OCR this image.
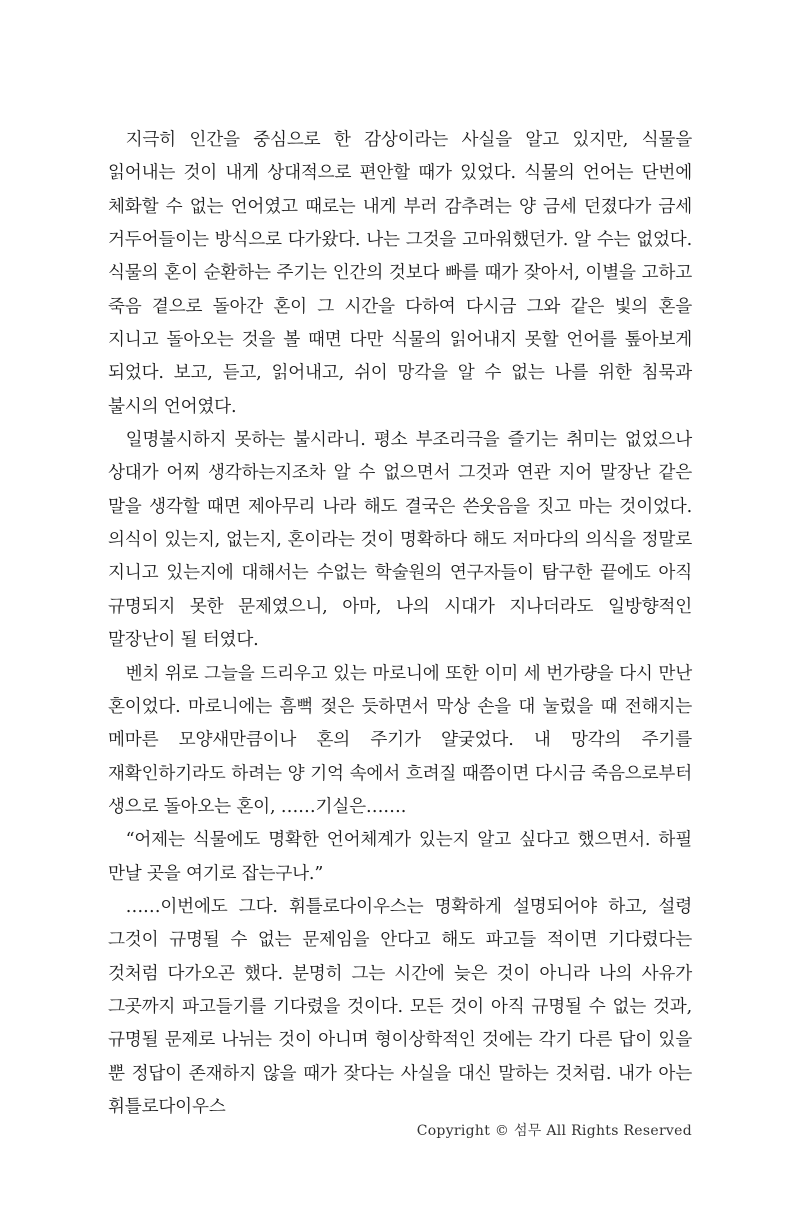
지극히 인간을 중심으로 한 감상이라는 사실을 알고 있지만, 식물을 읽어내는 것이 내게 상대적으로 편안할 때가 있었다. 식물의 언어는 단번에 체화할 수 없는 언어였고 때로는 내게 부러 감추려는 양 금세 던졌다가 금세 거두어들이는 방식으로 다가왔다. 나는 그것을 고마워했던가. 알 수는 없었다. 식물의 혼이 순환하는 주기는 인간의 것보다 빠를 때가 잦아서, 이별을 고하고 죽음 곁으로 돌아간 혼이 그 시간을 다하여 다시금 그와 같은 빛의 혼을 지니고 돌아오는 것을 볼 때면 다만 식물의 읽어내지 못할 언어를 톺아보게 되었다. 보고, 듣고, 읽어내고, 쉬이 망각을 알 수 없는 나를 위한 침묵과 불시의 언어였다.

일명불시하지 못하는 불시라니. 평소 부조리극을 즐기는 취미는 없었으나 상대가 어찌 생각하는지조차 알 수 없으면서 그것과 연관 지어 말장난 같은 말을 생각할 때면 제아무리 나라 해도 결국은 쓴웃음을 짓고 마는 것이었다. 의식이 있는지, 없는지, 혼이라는 것이 명확하다 해도 저마다의 의식을 정말로 지니고 있는지에 대해서는 수없는 학술원의 연구자들이 탐구한 끝에도 아직 규명되지 못한 문제였으니, 아마, 나의 시대가 지나더라도 일방향적인 말장난이 될 터였다.

벤치 위로 그늘을 드리우고 있는 마로니에 또한 이미 세 번가량을 다시 만난 혼이었다. 마로니에는 흠뻑 젖은 듯하면서 막상 손을 대 눌렀을 때 전해지는 메마른 모양새만큼이나 혼의 주기가 얄궂었다. 내 망각의 주기를 재확인하기라도 하려는 양 기억 속에서 흐려질 때쯤이면 다시금 죽음으로부터 생으로 돌아오는 혼이, ……기실은…….

“어제는 식물에도 명확한 언어체계가 있는지 알고 싶다고 했으면서. 하필 만날 곳을 여기로 잡는구나.”

……이번에도 그다. 휘틀로다이우스는 명확하게 설명되어야 하고, 설령 그것이 규명될 수 없는 문제임을 안다고 해도 파고들 적이면 기다렸다는 것처럼 다가오곤 했다. 분명히 그는 시간에 늦은 것이 아니라 나의 사유가 그곳까지 파고들기를 기다렸을 것이다. 모든 것이 아직 규명될 수 없는 것과, 규명될 문제로 나뉘는 것이 아니며 형이상학적인 것에는 각기 다른 답이 있을 뿐 정답이 존재하지 않을 때가 잦다는 사실을 대신 말하는 것처럼. 내가 아는 휘틀로다이우스

Copyright © 섬무 All Rights Reserved
